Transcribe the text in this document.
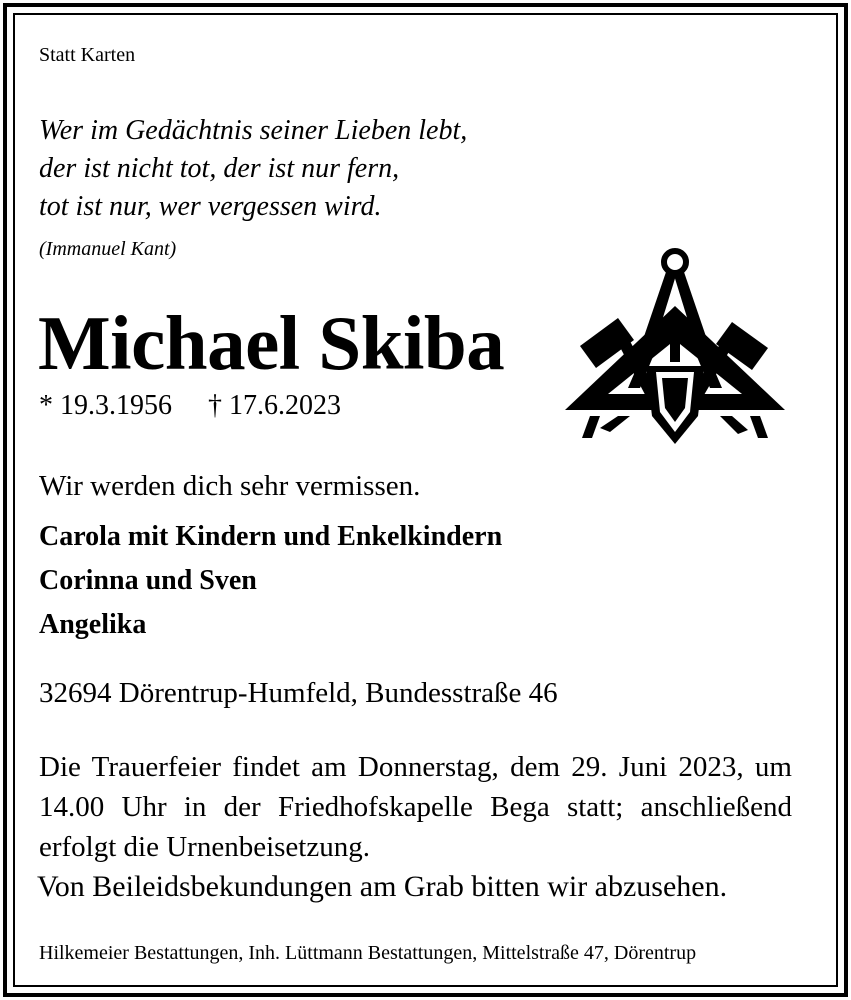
Statt Karten

Wer im Gedächtnis seiner Lieben lebt,
der ist nicht tot, der ist nur fern,
tot ist nur, wer vergessen wird.

(Immanuel Kant)

Michael Skiba

* 19.3.1956 † 17.6.2023

Wir werden dich sehr vermissen.

Carola mit Kindern und Enkelkindern
Corinna und Sven
Angelika

32694 Dörentrup-Humfeld, Bundesstraße 46

Die Trauerfeier findet am Donnerstag, dem 29. Juni 2023, um 14.00 Uhr in der Friedhofskapelle Bega statt; anschließend erfolgt die Urnenbeisetzung.

Von Beileidsbekundungen am Grab bitten wir abzusehen.

Hilkemeier Bestattungen, Inh. Lüttmann Bestattungen, Mittelstraße 47, Dörentrup
